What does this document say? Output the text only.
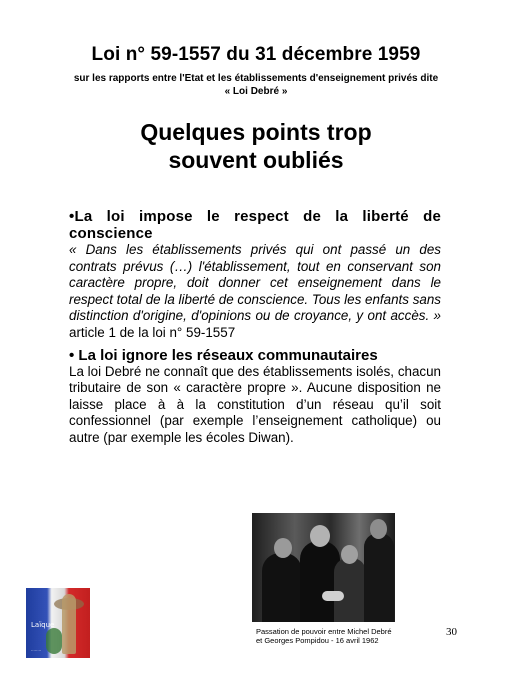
Loi n° 59-1557 du 31 décembre 1959
sur les rapports entre l'Etat et les établissements d'enseignement privés dite « Loi Debré »
Quelques points trop
souvent oubliés
•La loi impose le respect de la liberté de conscience
« Dans les établissements privés qui ont passé un des contrats prévus (…) l'établissement, tout en conservant son caractère propre, doit donner cet enseignement dans le respect total de la liberté de conscience. Tous les enfants sans distinction d'origine, d'opinions ou de croyance, y ont accès. » article 1 de la loi n° 59-1557
• La loi ignore les réseaux communautaires
La loi Debré ne connaît que des établissements isolés, chacun tributaire de son « caractère propre ». Aucune disposition ne laisse place à à la constitution d’un réseau qu’il soit confessionnel (par exemple l’enseignement catholique) ou autre (par exemple les écoles Diwan).
Passation de pouvoir entre Michel Debré et Georges Pompidou - 16 avril 1962
Laïque
........
30
